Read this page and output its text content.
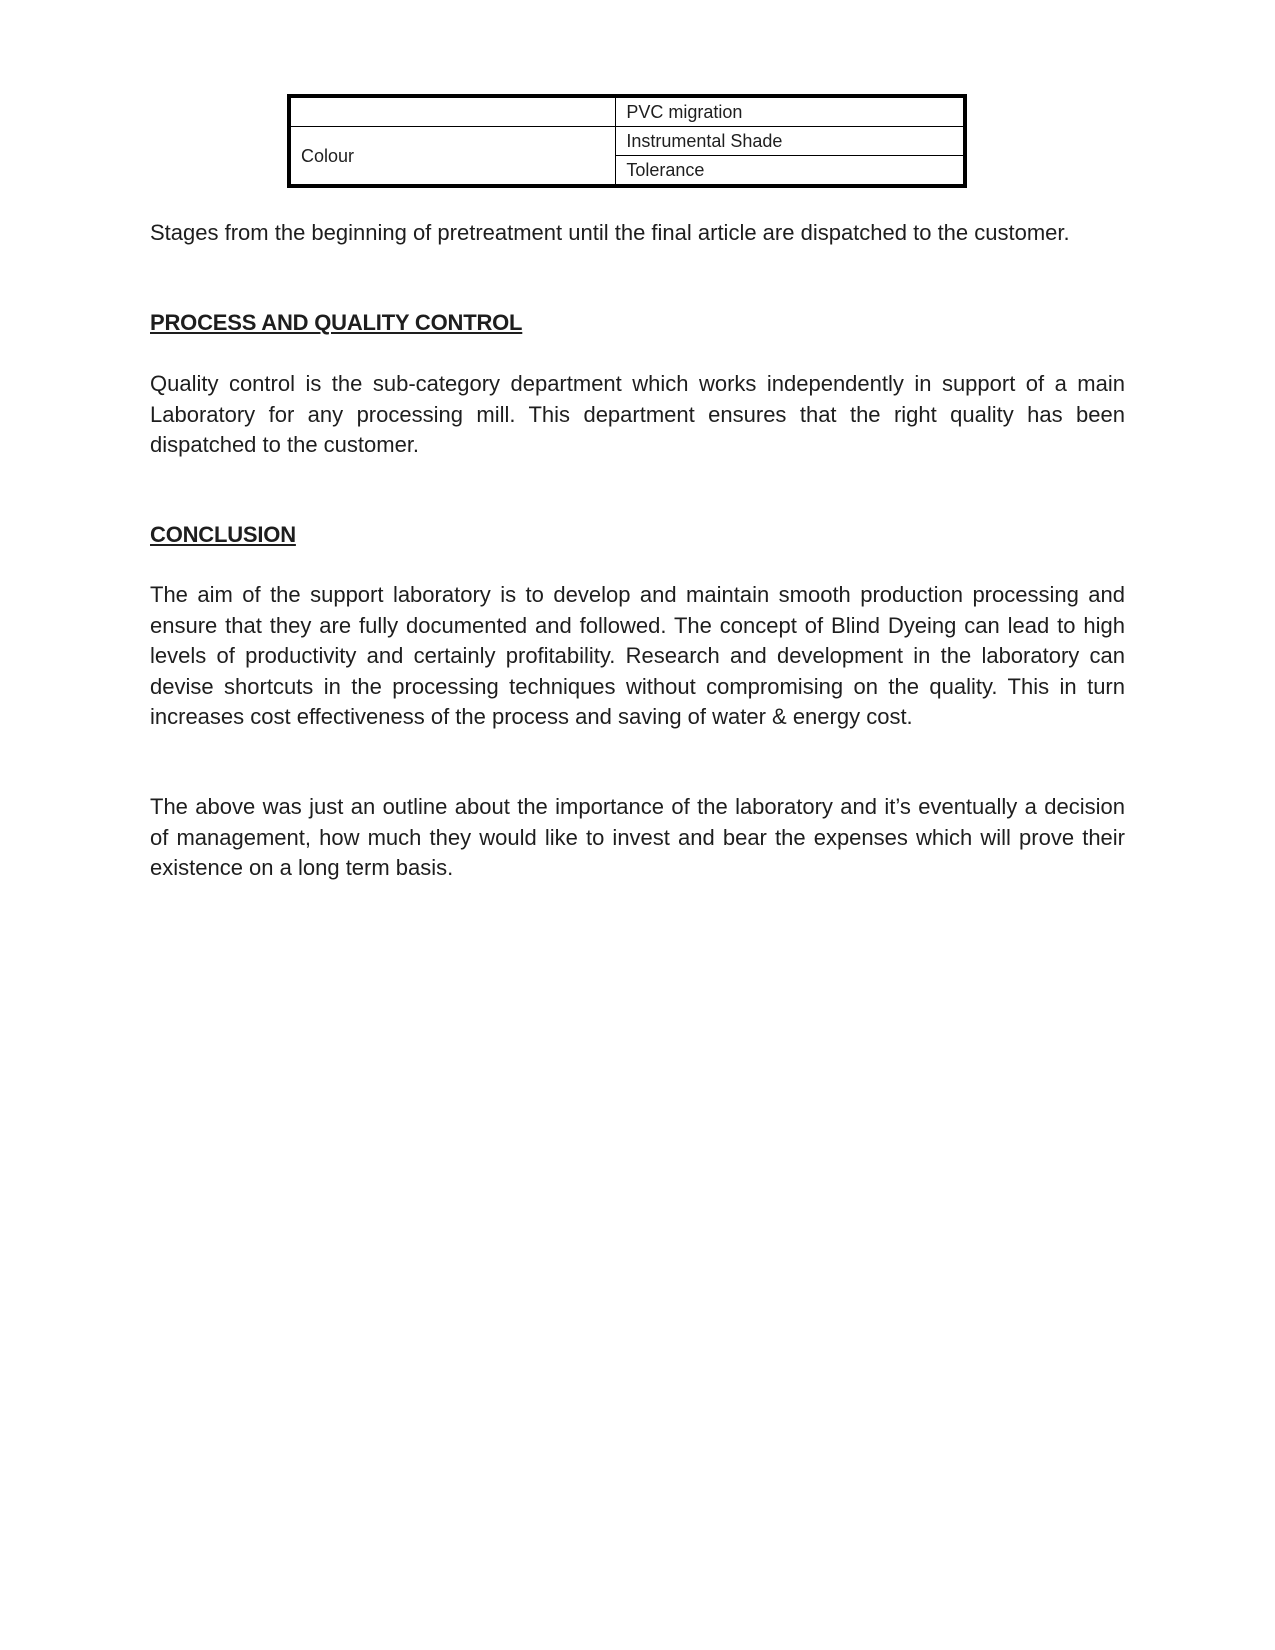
	PVC migration
Colour	Instrumental Shade
	Tolerance
Stages from the beginning of pretreatment until the final article are dispatched to the customer.
PROCESS AND QUALITY CONTROL
Quality control is the sub-category department which works independently in support of a main Laboratory for any processing mill. This department ensures that the right quality has been dispatched to the customer.
CONCLUSION
The aim of the support laboratory is to develop and maintain smooth production processing and ensure that they are fully documented and followed. The concept of Blind Dyeing can lead to high levels of productivity and certainly profitability. Research and development in the laboratory can devise shortcuts in the processing techniques without compromising on the quality. This in turn increases cost effectiveness of the process and saving of water & energy cost.
The above was just an outline about the importance of the laboratory and it’s eventually a decision of management, how much they would like to invest and bear the expenses which will prove their existence on a long term basis.
